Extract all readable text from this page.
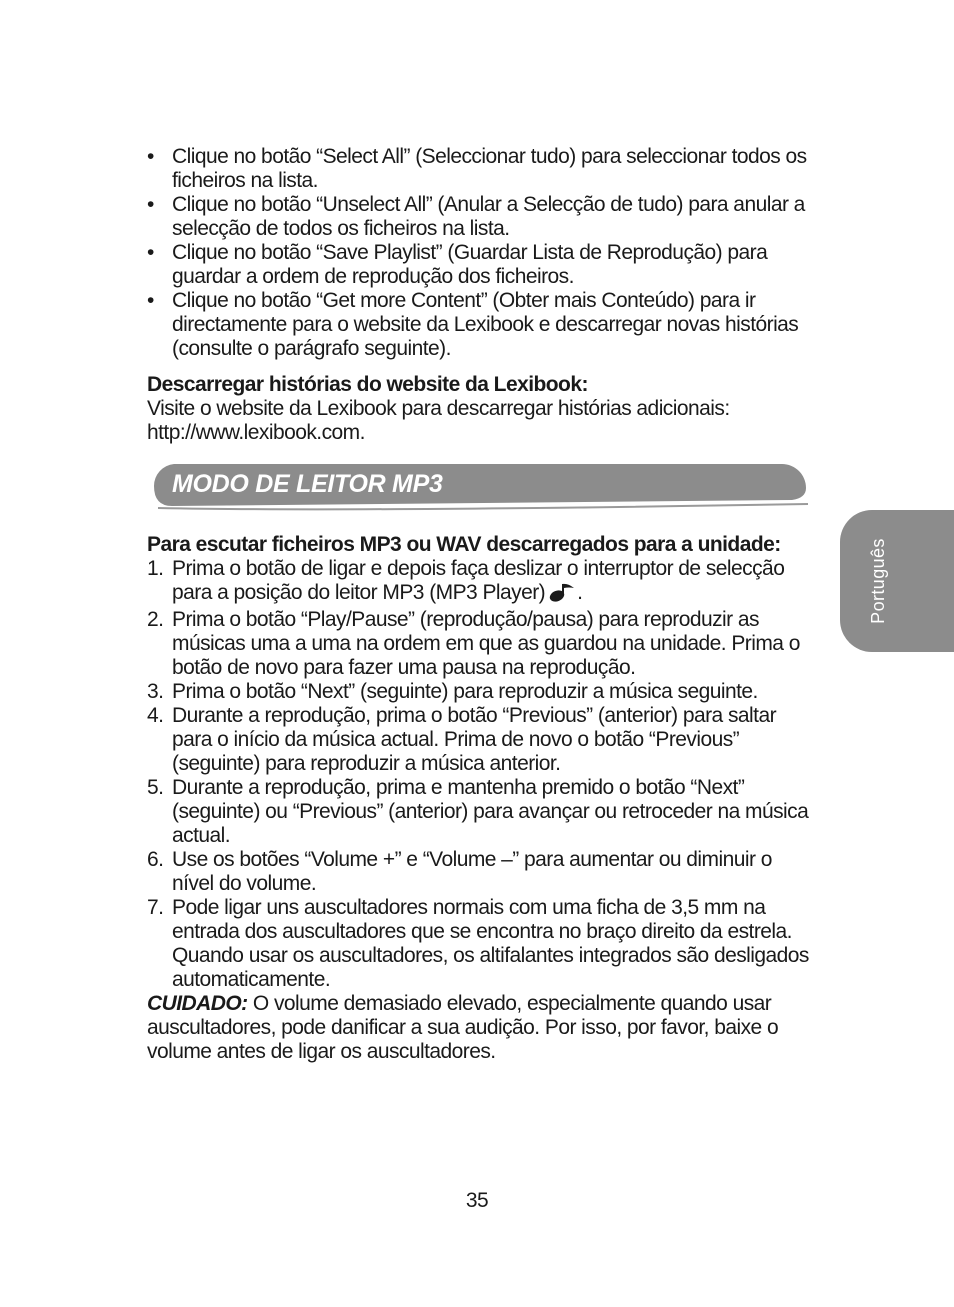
• Clique no botão “Select All” (Seleccionar tudo) para seleccionar todos os ficheiros na lista.
• Clique no botão “Unselect All” (Anular a Selecção de tudo) para anular a selecção de todos os ficheiros na lista.
• Clique no botão “Save Playlist” (Guardar Lista de Reprodução) para guardar a ordem de reprodução dos ficheiros.
• Clique no botão “Get more Content” (Obter mais Conteúdo) para ir directamente para o website da Lexibook e descarregar novas histórias (consulte o parágrafo seguinte).
Descarregar histórias do website da Lexibook:
Visite o website da Lexibook para descarregar histórias adicionais: http://www.lexibook.com.
MODO DE LEITOR MP3
Para escutar ficheiros MP3 ou WAV descarregados para a unidade:
1. Prima o botão de ligar e depois faça deslizar o interruptor de selecção para a posição do leitor MP3 (MP3 Player) .
2. Prima o botão “Play/Pause” (reprodução/pausa) para reproduzir as músicas uma a uma na ordem em que as guardou na unidade. Prima o botão de novo para fazer uma pausa na reprodução.
3. Prima o botão “Next” (seguinte) para reproduzir a música seguinte.
4. Durante a reprodução, prima o botão “Previous” (anterior) para saltar para o início da música actual. Prima de novo o botão “Previous” (seguinte) para reproduzir a música anterior.
5. Durante a reprodução, prima e mantenha premido o botão “Next” (seguinte) ou “Previous” (anterior) para avançar ou retroceder na música actual.
6. Use os botões “Volume +” e “Volume –” para aumentar ou diminuir o nível do volume.
7. Pode ligar uns auscultadores normais com uma ficha de 3,5 mm na entrada dos auscultadores que se encontra no braço direito da estrela. Quando usar os auscultadores, os altifalantes integrados são desligados automaticamente.
CUIDADO: O volume demasiado elevado, especialmente quando usar auscultadores, pode danificar a sua audição. Por isso, por favor, baixe o volume antes de ligar os auscultadores.
35
Português
